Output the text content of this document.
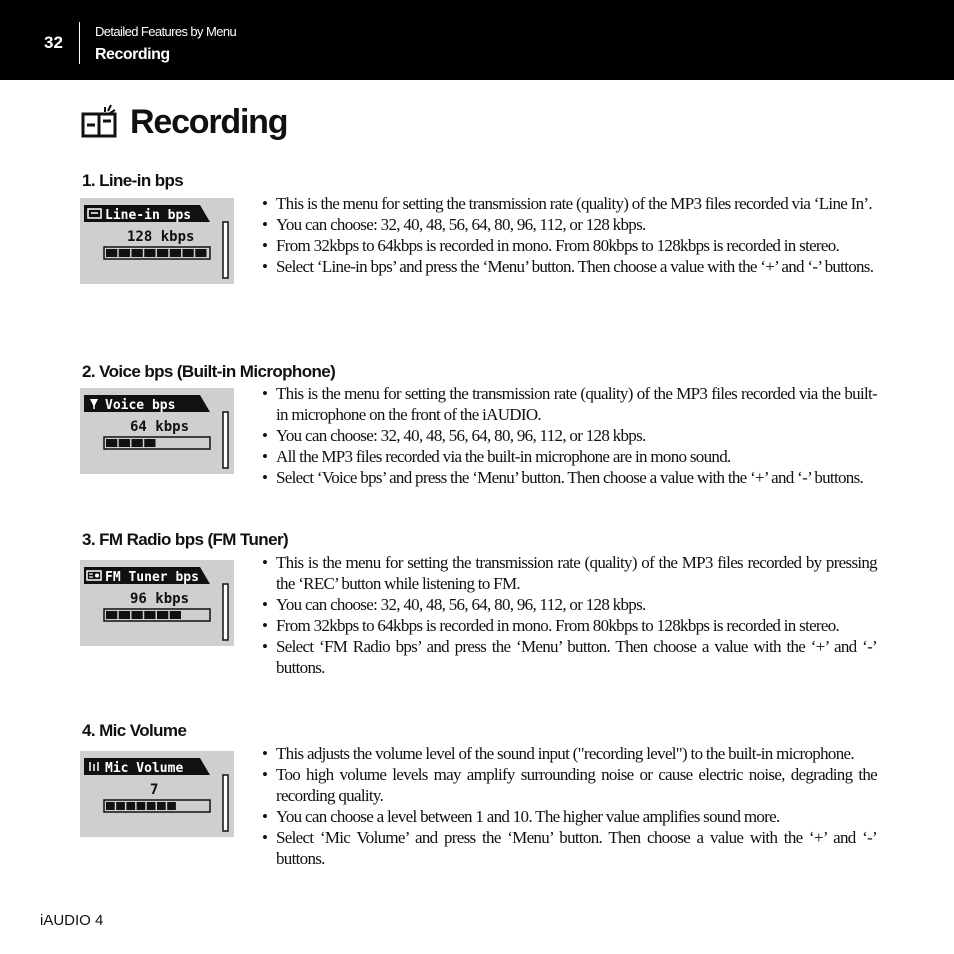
32
Detailed Features by Menu
Recording
Recording
1. Line-in bps
Line-in bps
128 kbps
• This is the menu for setting the transmission rate (quality) of the MP3 files recorded via ‘Line In’.
• You can choose: 32, 40, 48, 56, 64, 80, 96, 112, or 128 kbps.
• From 32kbps to 64kbps is recorded in mono. From 80kbps to 128kbps is recorded in stereo.
• Select ‘Line-in bps’ and press the ‘Menu’ button. Then choose a value with the ‘+’ and ‘-’ buttons.
2. Voice bps (Built-in Microphone)
Voice bps
64 kbps
• This is the menu for setting the transmission rate (quality) of the MP3 files recorded via the built-in microphone on the front of the iAUDIO.
• You can choose: 32, 40, 48, 56, 64, 80, 96, 112, or 128 kbps.
• All the MP3 files recorded via the built-in microphone are in mono sound.
• Select ‘Voice bps’ and press the ‘Menu’ button. Then choose a value with the ‘+’ and ‘-’ buttons.
3. FM Radio bps (FM Tuner)
FM Tuner bps
96 kbps
• This is the menu for setting the transmission rate (quality) of the MP3 files recorded by pressing the ‘REC’ button while listening to FM.
• You can choose: 32, 40, 48, 56, 64, 80, 96, 112, or 128 kbps.
• From 32kbps to 64kbps is recorded in mono. From 80kbps to 128kbps is recorded in stereo.
• Select ‘FM Radio bps’ and press the ‘Menu’ button. Then choose a value with the ‘+’ and ‘-’ buttons.
4. Mic Volume
Mic Volume
7
• This adjusts the volume level of the sound input ("recording level") to the built-in microphone.
• Too high volume levels may amplify surrounding noise or cause electric noise, degrading the recording quality.
• You can choose a level between 1 and 10. The higher value amplifies sound more.
• Select ‘Mic Volume’ and press the ‘Menu’ button. Then choose a value with the ‘+’ and ‘-’ buttons.
iAUDIO 4
